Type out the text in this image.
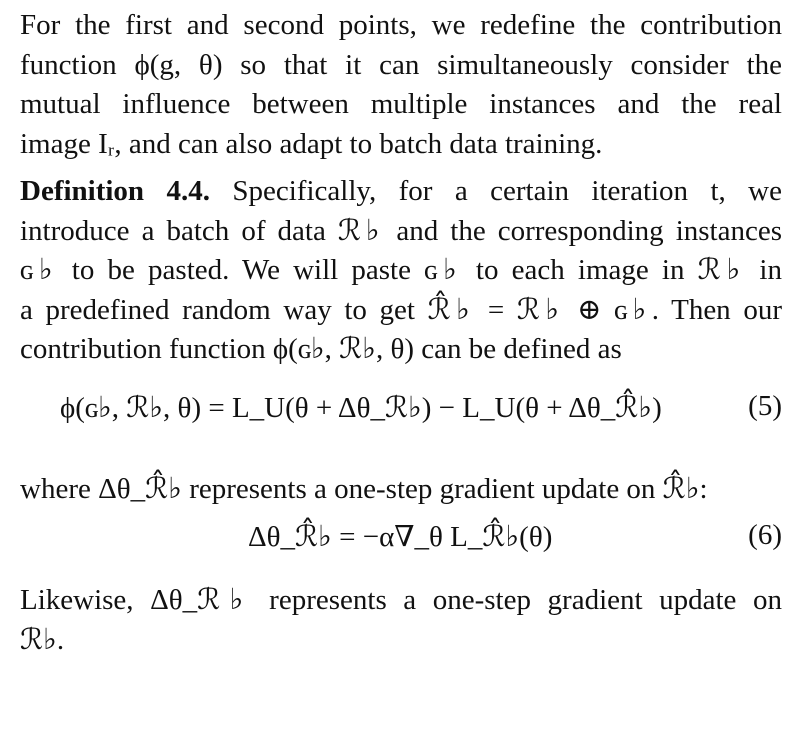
For the first and second points, we redefine the contribution
function ϕ(g, θ) so that it can simultaneously consider the
mutual influence between multiple instances and the real
image Iᵣ, and can also adapt to batch data training.

Definition 4.4. Specifically, for a certain iteration t, we
introduce a batch of data ℛ♭ and the corresponding instances
ɢ♭ to be pasted. We will paste ɢ♭ to each image in ℛ♭ in
a predefined random way to get ℛ̂♭ = ℛ♭ ⊕ ɢ♭. Then our
contribution function ϕ(ɢ♭, ℛ♭, θ) can be defined as

ϕ(ɢ♭, ℛ♭, θ) = L_U(θ + Δθ_ℛ♭) − L_U(θ + Δθ_ℛ̂♭)	(5)

where Δθ_ℛ̂♭ represents a one-step gradient update on ℛ̂♭:

Δθ_ℛ̂♭ = −α∇_θ L_ℛ̂♭(θ)	(6)

Likewise, Δθ_ℛ♭ represents a one-step gradient update on
ℛ♭.
